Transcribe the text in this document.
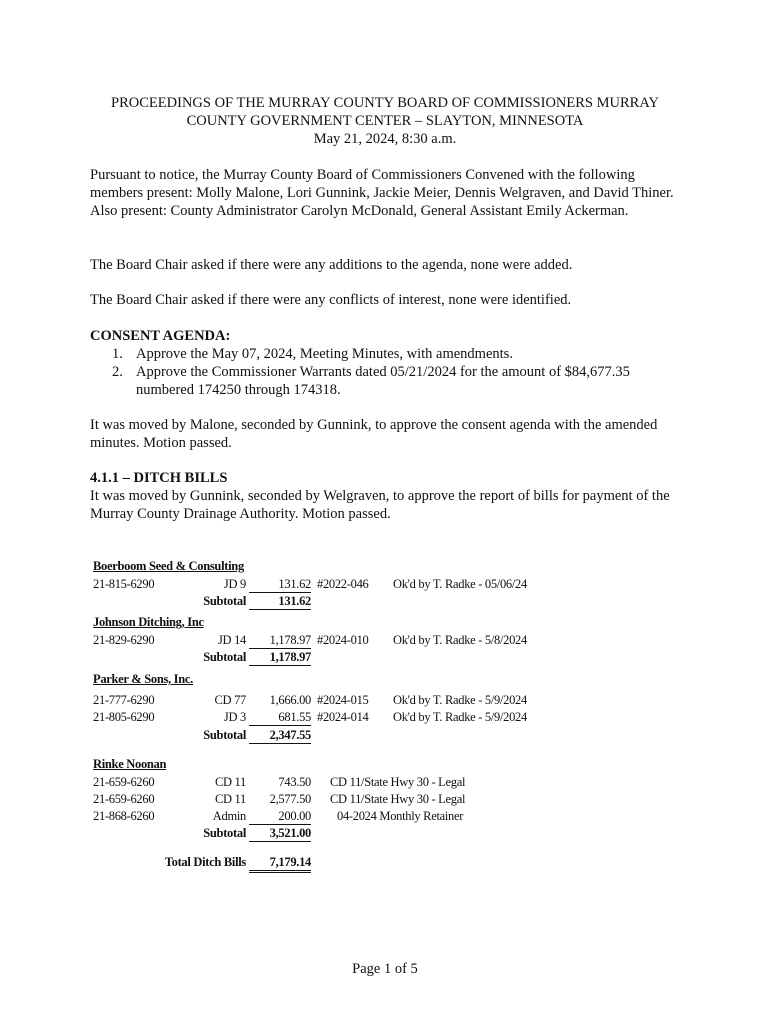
PROCEEDINGS OF THE MURRAY COUNTY BOARD OF COMMISSIONERS MURRAY
COUNTY GOVERNMENT CENTER – SLAYTON, MINNESOTA
May 21, 2024, 8:30 a.m.
Pursuant to notice, the Murray County Board of Commissioners Convened with the following members present: Molly Malone, Lori Gunnink, Jackie Meier, Dennis Welgraven, and David Thiner. Also present: County Administrator Carolyn McDonald, General Assistant Emily Ackerman.
The Board Chair asked if there were any additions to the agenda, none were added.
The Board Chair asked if there were any conflicts of interest, none were identified.
CONSENT AGENDA:
1. Approve the May 07, 2024, Meeting Minutes, with amendments.
2. Approve the Commissioner Warrants dated 05/21/2024 for the amount of $84,677.35 numbered 174250 through 174318.
It was moved by Malone, seconded by Gunnink, to approve the consent agenda with the amended minutes. Motion passed.
4.1.1 – DITCH BILLS
It was moved by Gunnink, seconded by Welgraven, to approve the report of bills for payment of the Murray County Drainage Authority. Motion passed.
Boerboom Seed & Consulting
21-815-6290	JD 9	131.62 #2022-046 Ok'd by T. Radke - 05/06/24
Subtotal	131.62
Johnson Ditching, Inc
21-829-6290	JD 14	1,178.97 #2024-010 Ok'd by T. Radke - 5/8/2024
Subtotal	1,178.97
Parker & Sons, Inc.
21-777-6290	CD 77	1,666.00 #2024-015 Ok'd by T. Radke - 5/9/2024
21-805-6290	JD 3	681.55 #2024-014 Ok'd by T. Radke - 5/9/2024
Subtotal	2,347.55
Rinke Noonan
21-659-6260	CD 11	743.50 CD 11/State Hwy 30 - Legal
21-659-6260	CD 11	2,577.50 CD 11/State Hwy 30 - Legal
21-868-6260	Admin	200.00 04-2024 Monthly Retainer
Subtotal	3,521.00
Total Ditch Bills	7,179.14
Page 1 of 5
